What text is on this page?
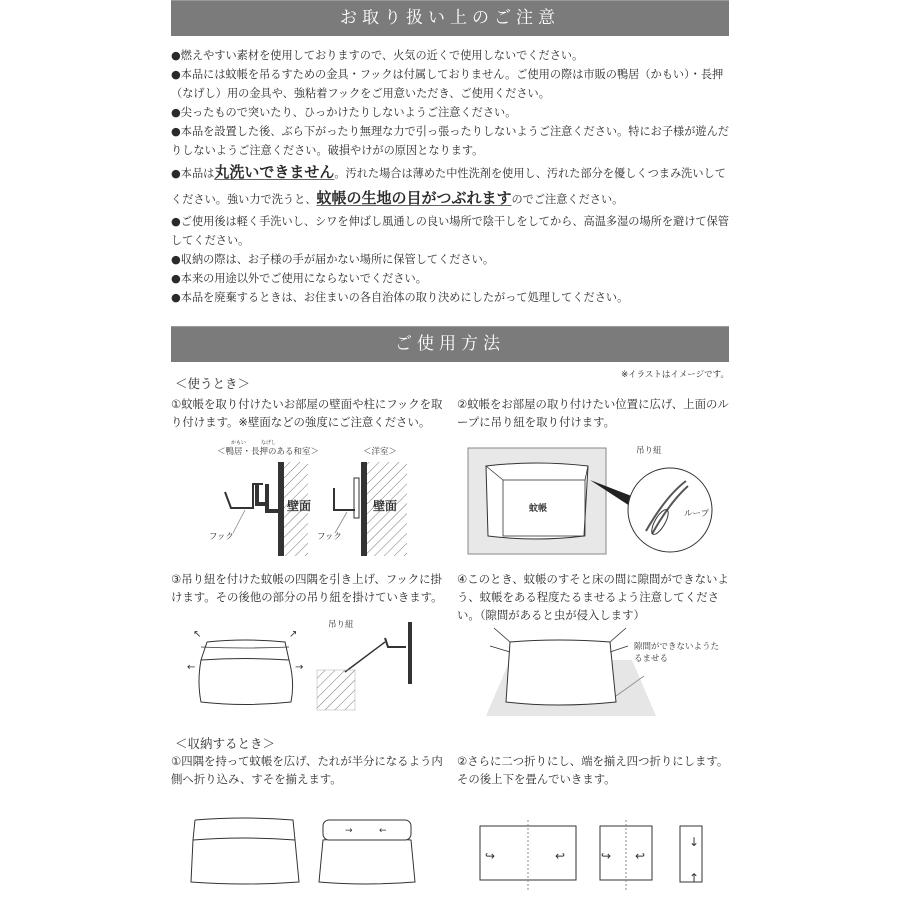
お取り扱い上のご注意

●燃えやすい素材を使用しておりますので、火気の近くで使用しないでください。

●本品には蚊帳を吊るすための金具・フックは付属しておりません。ご使用の際は市販の鴨居（かもい）・長押（なげし）用の金具や、強粘着フックをご用意いただき、ご使用ください。

●尖ったもので突いたり、ひっかけたりしないようご注意ください。

●本品を設置した後、ぶら下がったり無理な力で引っ張ったりしないようご注意ください。特にお子様が遊んだりしないようご注意ください。破損やけがの原因となります。

●本品は丸洗いできません。汚れた場合は薄めた中性洗剤を使用し、汚れた部分を優しくつまみ洗いしてください。強い力で洗うと、蚊帳の生地の目がつぶれますのでご注意ください。

●ご使用後は軽く手洗いし、シワを伸ばし風通しの良い場所で陰干しをしてから、高温多湿の場所を避けて保管してください。

●収納の際は、お子様の手が届かない場所に保管してください。

●本来の用途以外でご使用にならないでください。

●本品を廃棄するときは、お住まいの各自治体の取り決めにしたがって処理してください。

ご使用方法
※イラストはイメージです。
＜使うとき＞
①蚊帳を取り付けたいお部屋の壁面や柱にフックを取り付けます。※壁面などの強度にご注意ください。
②蚊帳をお部屋の取り付けたい位置に広げ、上面のループに吊り紐を取り付けます。
かもい	なげし
＜鴨居・長押のある和室＞	＜洋室＞
壁面
フック
壁面
フック
蚊帳
吊り紐
ループ
③吊り紐を付けた蚊帳の四隅を引き上げ、フックに掛けます。その後他の部分の吊り紐を掛けていきます。
④このとき、蚊帳のすそと床の間に隙間ができないよう、蚊帳をある程度たるませるよう注意してください。（隙間があると虫が侵入します）
↖	↗
←	→
吊り紐
隙間ができないようたるませる
＜収納するとき＞
①四隅を持って蚊帳を広げ、たれが半分になるよう内側へ折り込み、すそを揃えます。
②さらに二つ折りにし、端を揃え四つ折りにします。その後上下を畳んでいきます。
→	←
↪	↩	↪ ↩
↓
↑
